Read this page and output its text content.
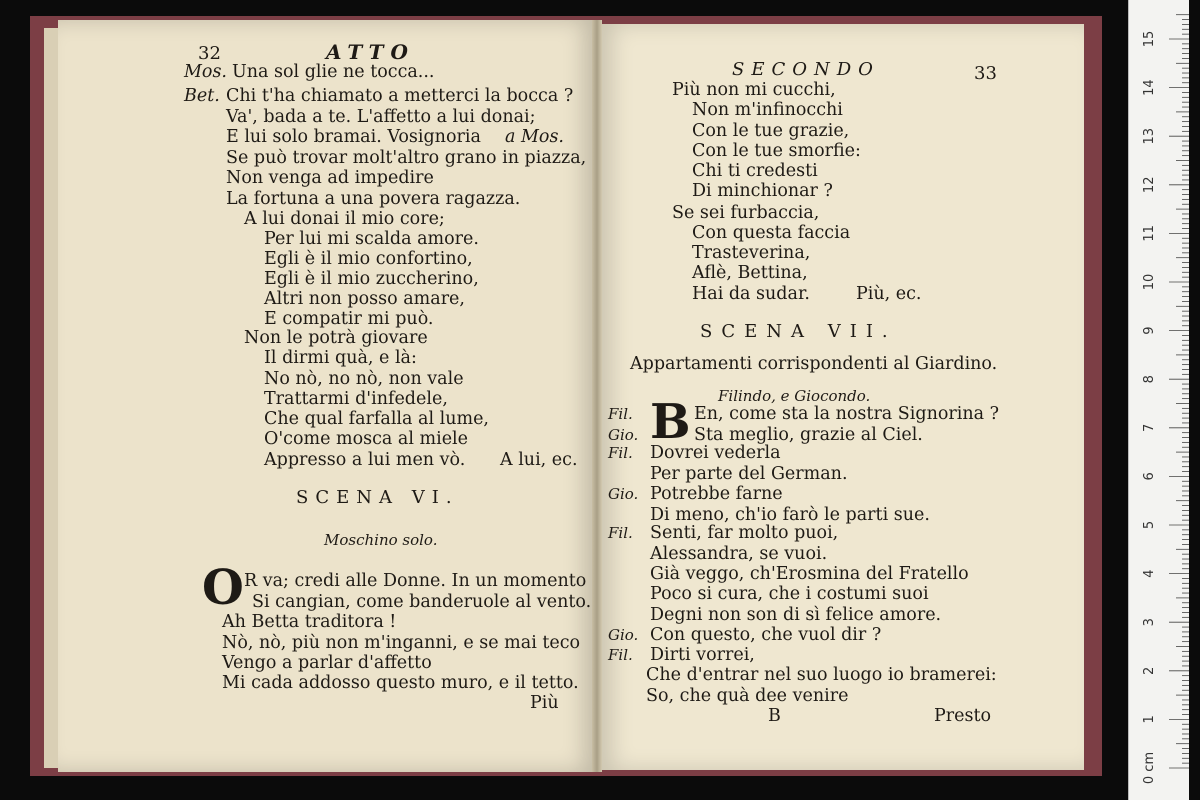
32	ATTO
Mos. Una sol glie ne tocca...
Bet. Chi t'ha chiamato a metterci la bocca ?
Va', bada a te. L'affetto a lui donai;
E lui solo bramai. Vosignoria a Mos.
Se può trovar molt'altro grano in piazza,
Non venga ad impedire
La fortuna a una povera ragazza.
A lui donai il mio core;
Per lui mi scalda amore.
Egli è il mio confortino,
Egli è il mio zuccherino,
Altri non posso amare,
E compatir mi può.
Non le potrà giovare
Il dirmi quà, e là:
No nò, no nò, non vale
Trattarmi d'infedele,
Che qual farfalla al lume,
O'come mosca al miele
Appresso a lui men vò. A lui, ec.
SCENA VI.
Moschino solo.
O R va; credi alle Donne. In un momento
Si cangian, come banderuole al vento.
Ah Betta traditora !
Nò, nò, più non m'inganni, e se mai teco
Vengo a parlar d'affetto
Mi cada addosso questo muro, e il tetto.
Più
SECONDO	33
Più non mi cucchi,
Non m'infinocchi
Con le tue grazie,
Con le tue smorfie:
Chi ti credesti
Di minchionar ?
Se sei furbaccia,
Con questa faccia
Trasteverina,
Aflè, Bettina,
Hai da sudar.	Più, ec.
SCENA VII.
Appartamenti corrispondenti al Giardino.
Filindo, e Giocondo.
B
Fil.	En, come sta la nostra Signorina ?
Gio.	Sta meglio, grazie al Ciel.
Fil. Dovrei vederla
Per parte del German.
Gio. Potrebbe farne
Di meno, ch'io farò le parti sue.
Fil. Senti, far molto puoi,
Alessandra, se vuoi.
Già veggo, ch'Erosmina del Fratello
Poco si cura, che i costumi suoi
Degni non son di sì felice amore.
Gio. Con questo, che vuol dir ?
Fil. Dirti vorrei,
Che d'entrar nel suo luogo io bramerei:
So, che quà dee venire
B	Presto
0 cm
1
2
3
4
5
6
7
8
9
10
11
12
13
14
15
